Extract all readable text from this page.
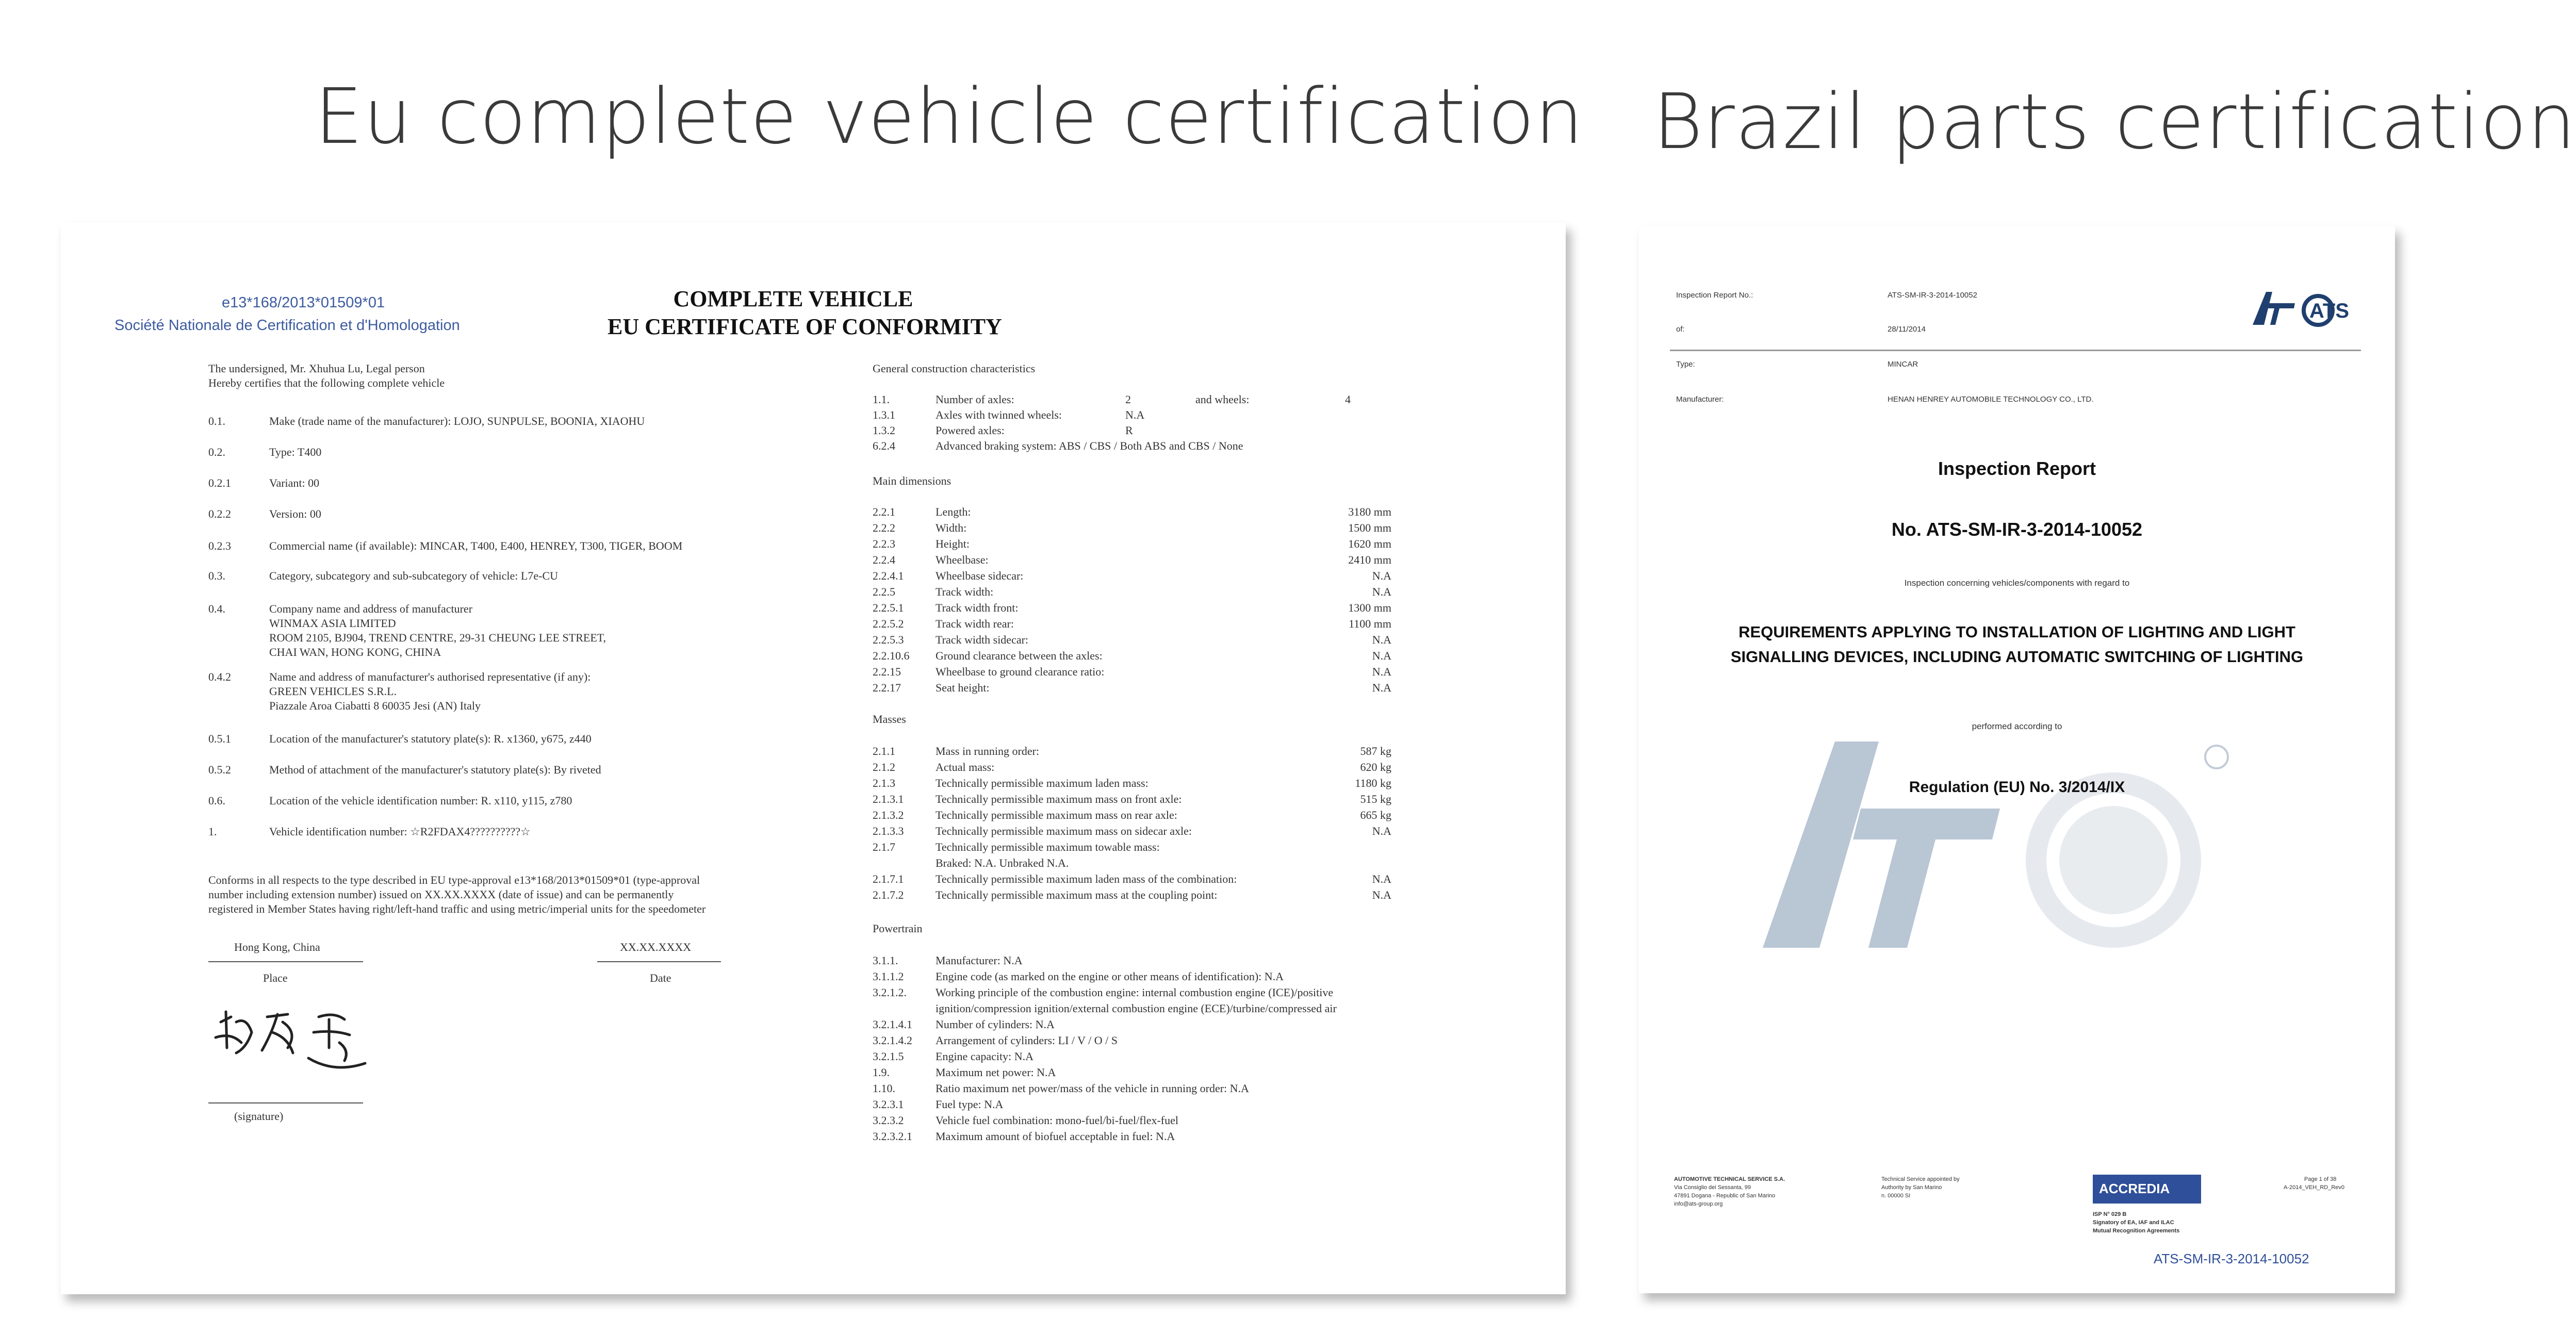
Eu complete vehicle certification Brazil parts certification
e13*168/2013*01509*01
Société Nationale de Certification et d'Homologation
COMPLETE VEHICLE
EU CERTIFICATE OF CONFORMITY
The undersigned, Mr. Xhuhua Lu, Legal person
Hereby certifies that the following complete vehicle
0.1.	Make (trade name of the manufacturer): LOJO, SUNPULSE, BOONIA, XIAOHU
0.2.	Type: T400
0.2.1	Variant: 00
0.2.2	Version: 00
0.2.3	Commercial name (if available): MINCAR, T400, E400, HENREY, T300, TIGER, BOOM
0.3.	Category, subcategory and sub-subcategory of vehicle: L7e-CU
0.4.	Company name and address of manufacturer
WINMAX ASIA LIMITED
ROOM 2105, BJ904, TREND CENTRE, 29-31 CHEUNG LEE STREET,
CHAI WAN, HONG KONG, CHINA
0.4.2	Name and address of manufacturer's authorised representative (if any):
GREEN VEHICLES S.R.L.
Piazzale Aroa Ciabatti 8 60035 Jesi (AN) Italy
0.5.1	Location of the manufacturer's statutory plate(s): R. x1360, y675, z440
0.5.2	Method of attachment of the manufacturer's statutory plate(s): By riveted
0.6.	Location of the vehicle identification number: R. x110, y115, z780
1.	Vehicle identification number: ☆R2FDAX4??????????☆
Conforms in all respects to the type described in EU type-approval e13*168/2013*01509*01 (type-approval
number including extension number) issued on XX.XX.XXXX (date of issue) and can be permanently
registered in Member States having right/left-hand traffic and using metric/imperial units for the speedometer
Hong Kong, China
Place
XX.XX.XXXX
Date
(signature)
General construction characteristics
1.1.	Number of axles:	2	and wheels:	4
1.3.1	Axles with twinned wheels:	N.A
1.3.2	Powered axles:	R
6.2.4	Advanced braking system: ABS / CBS / Both ABS and CBS / None
Main dimensions
2.2.1	Length:	3180 mm
2.2.2	Width:	1500 mm
2.2.3	Height:	1620 mm
2.2.4	Wheelbase:	2410 mm
2.2.4.1	Wheelbase sidecar:	N.A
2.2.5	Track width:	N.A
2.2.5.1	Track width front:	1300 mm
2.2.5.2	Track width rear:	1100 mm
2.2.5.3	Track width sidecar:	N.A
2.2.10.6 Ground clearance between the axles:	N.A
2.2.15	Wheelbase to ground clearance ratio:	N.A
2.2.17	Seat height:	N.A
Masses
2.1.1	Mass in running order:	587 kg
2.1.2	Actual mass:	620 kg
2.1.3	Technically permissible maximum laden mass:	1180 kg
2.1.3.1	Technically permissible maximum mass on front axle:	515 kg
2.1.3.2	Technically permissible maximum mass on rear axle:	665 kg
2.1.3.3	Technically permissible maximum mass on sidecar axle:	N.A
2.1.7	Technically permissible maximum towable mass:
Braked: N.A. Unbraked N.A.
2.1.7.1	Technically permissible maximum laden mass of the combination:	N.A
2.1.7.2	Technically permissible maximum mass at the coupling point:	N.A
Powertrain
3.1.1.	Manufacturer: N.A
3.1.1.2	Engine code (as marked on the engine or other means of identification): N.A
3.2.1.2.	Working principle of the combustion engine: internal combustion engine (ICE)/positive
ignition/compression ignition/external combustion engine (ECE)/turbine/compressed air
3.2.1.4.1 Number of cylinders: N.A
3.2.1.4.2 Arrangement of cylinders: LI / V / O / S
3.2.1.5	Engine capacity: N.A
1.9.	Maximum net power: N.A
1.10.	Ratio maximum net power/mass of the vehicle in running order: N.A
3.2.3.1	Fuel type: N.A
3.2.3.2	Vehicle fuel combination: mono-fuel/bi-fuel/flex-fuel
3.2.3.2.1 Maximum amount of biofuel acceptable in fuel: N.A
Inspection Report No.:	ATS-SM-IR-3-2014-10052
of:	28/11/2014
Type:	MINCAR
Manufacturer:	HENAN HENREY AUTOMOBILE TECHNOLOGY CO., LTD.
ATS
Inspection Report
No. ATS-SM-IR-3-2014-10052
Inspection concerning vehicles/components with regard to
REQUIREMENTS APPLYING TO INSTALLATION OF LIGHTING AND LIGHT
SIGNALLING DEVICES, INCLUDING AUTOMATIC SWITCHING OF LIGHTING
performed according to
Regulation (EU) No. 3/2014/IX
AUTOMOTIVE TECHNICAL SERVICE S.A.
Via Consiglio dei Sessanta, 99
47891 Dogana - Republic of San Marino
info@ats-group.org
Technical Service appointed by
Authority by San Marino
n. 00000 SI	ACCREDIA
ISP N° 029 B
Signatory of EA, IAF and ILAC
Mutual Recognition Agreements
Page 1 of 38
A-2014_VEH_RD_Rev0
ATS-SM-IR-3-2014-10052
